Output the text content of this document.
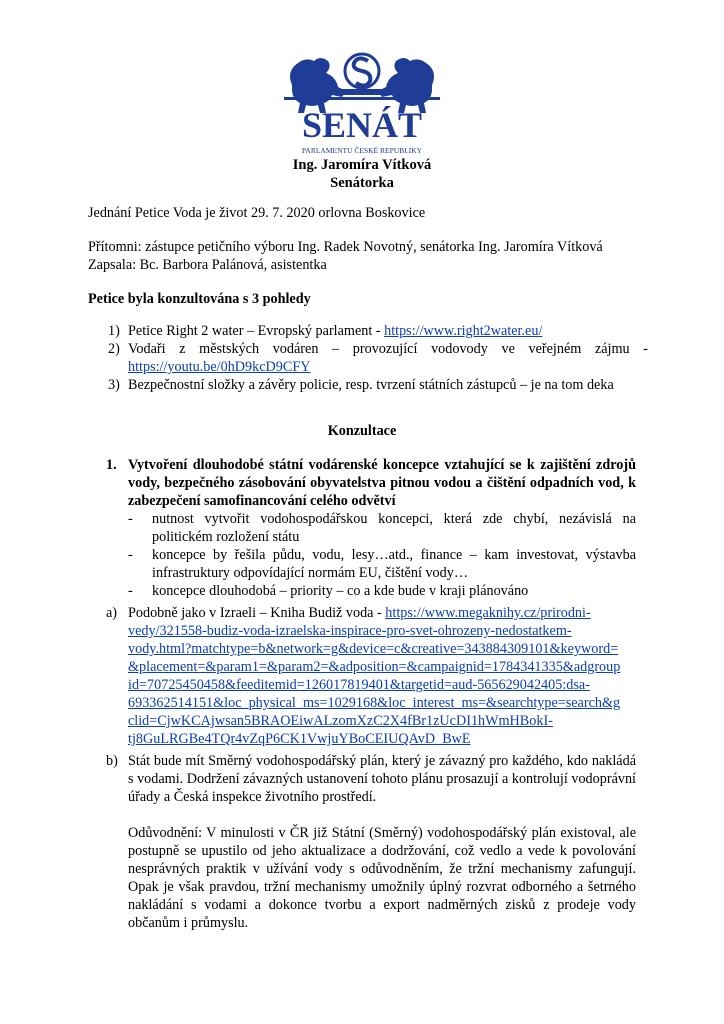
SENÁT
PARLAMENTU ČESKÉ REPUBLIKY
Ing. Jaromíra Vítková
Senátorka
Jednání Petice Voda je život 29. 7. 2020 orlovna Boskovice
Přítomni: zástupce petičního výboru Ing. Radek Novotný, senátorka Ing. Jaromíra Vítková
Zapsala: Bc. Barbora Palánová, asistentka
Petice byla konzultována s 3 pohledy
1) Petice Right 2 water – Evropský parlament - https://www.right2water.eu/
2) Vodaři z městských vodáren – provozující vodovody ve veřejném zájmu - https://youtu.be/0hD9kcD9CFY
3) Bezpečnostní složky a závěry policie, resp. tvrzení státních zástupců – je na tom deka
Konzultace
1. Vytvoření dlouhodobé státní vodárenské koncepce vztahující se k zajištění zdrojů vody, bezpečného zásobování obyvatelstva pitnou vodou a čištění odpadních vod, k zabezpečení samofinancování celého odvětví
- nutnost vytvořit vodohospodářskou koncepci, která zde chybí, nezávislá na politickém rozložení státu
- koncepce by řešila půdu, vodu, lesy…atd., finance – kam investovat, výstavba infrastruktury odpovídající normám EU, čištění vody…
- koncepce dlouhodobá – priority – co a kde bude v kraji plánováno
a) Podobně jako v Izraeli – Kniha Budiž voda - https://www.megaknihy.cz/prirodni-
vedy/321558-budiz-voda-izraelska-inspirace-pro-svet-ohrozeny-nedostatkem-
vody.html?matchtype=b&network=g&device=c&creative=343884309101&keyword=
&placement=&param1=&param2=&adposition=&campaignid=1784341335&adgroup
id=70725450458&feeditemid=126017819401&targetid=aud-565629042405:dsa-
693362514151&loc_physical_ms=1029168&loc_interest_ms=&searchtype=search&g
clid=CjwKCAjwsan5BRAOEiwALzomXzC2X4fBr1zUcDI1hWmHBokI-
tj8GuLRGBe4TQr4vZqP6CK1VwjuYBoCEIUQAvD_BwE
b) Stát bude mít Směrný vodohospodářský plán, který je závazný pro každého, kdo nakládá s vodami. Dodržení závazných ustanovení tohoto plánu prosazují a kontrolují vodoprávní úřady a Česká inspekce životního prostředí.
Odůvodnění: V minulosti v ČR již Státní (Směrný) vodohospodářský plán existoval, ale postupně se upustilo od jeho aktualizace a dodržování, což vedlo a vede k povolování nesprávných praktik v užívání vody s odůvodněním, že tržní mechanismy zafungují. Opak je však pravdou, tržní mechanismy umožnily úplný rozvrat odborného a šetrného nakládání s vodami a dokonce tvorbu a export nadměrných zisků z prodeje vody občanům i průmyslu.
